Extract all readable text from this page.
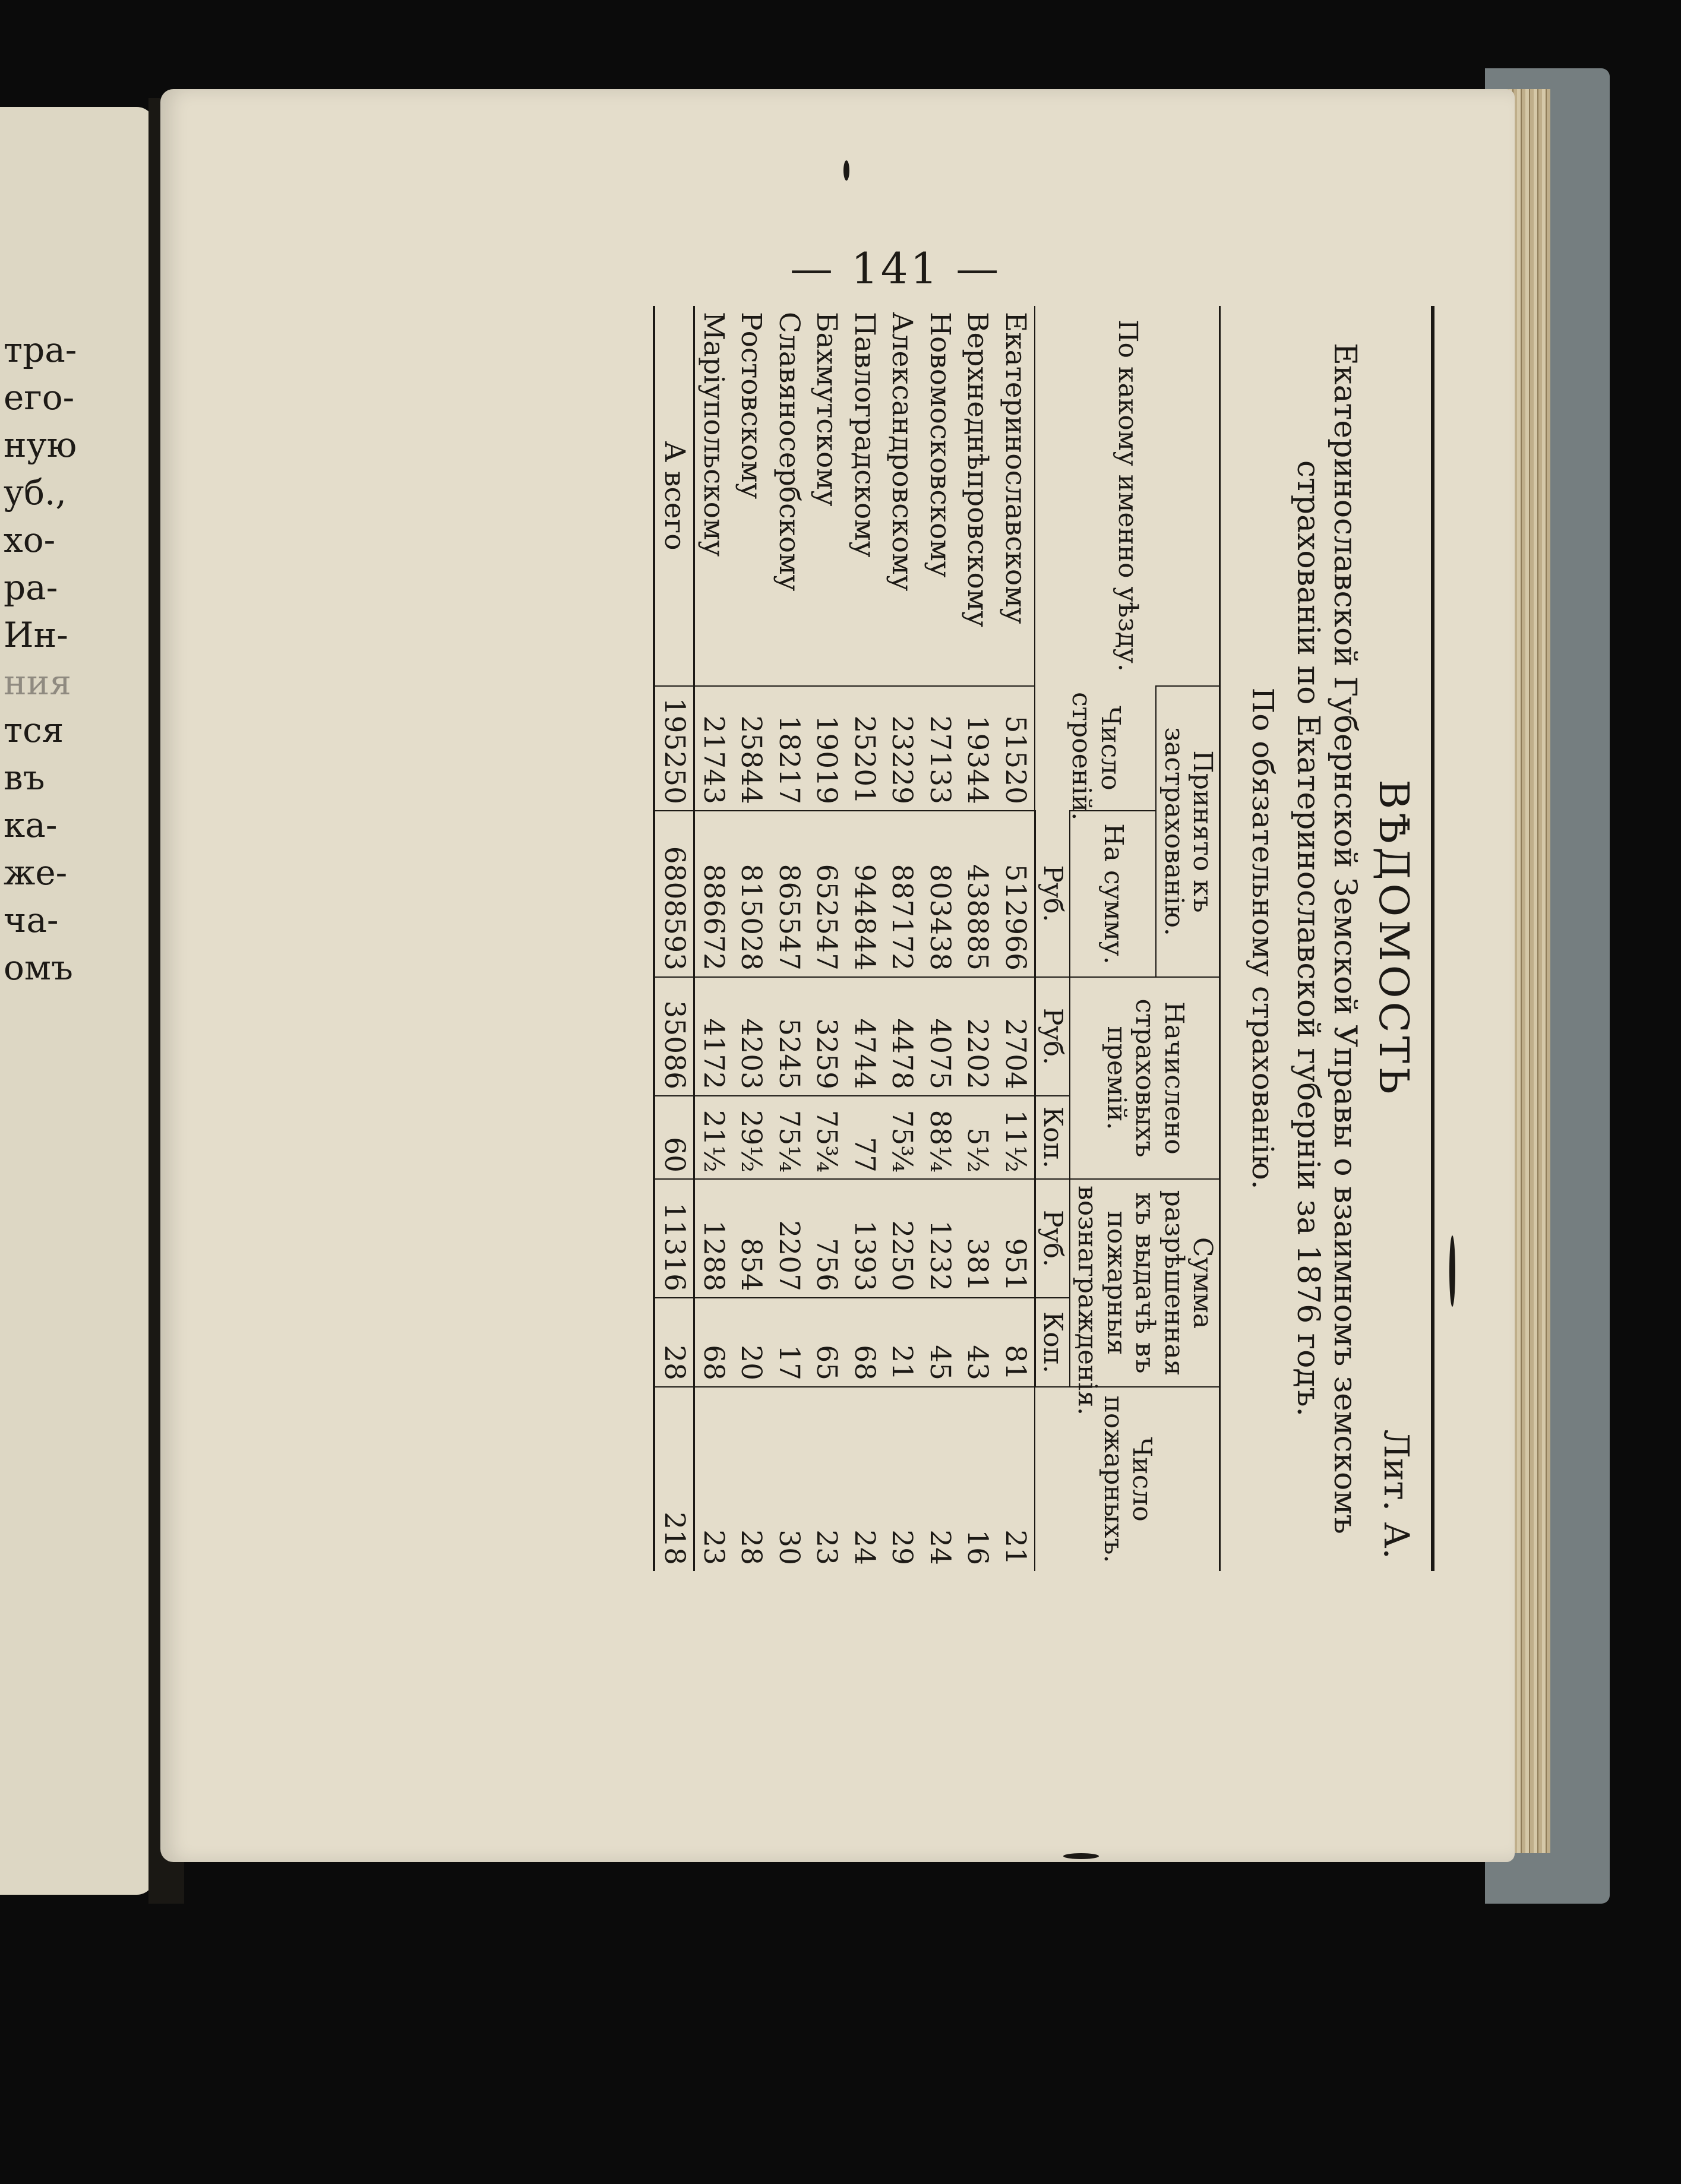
тра-
его-
ную
уб.,
хо-
ра-
Ин-
ния
тся
въ
ка-
же-
ча-
омъ
— 141 —
Лит. А.
ВѢДОМОСТЬ
Екатеринославской Губернской Земской Управы о взаимномъ земскомъ страхованіи по Екатеринославской губерніи за 1876 годъ.
По обязательному страхованію.
По какому именно уѣзду.	Принято къ застрахованію.		Начислено страховыхъ премій.		Сумма разрѣшенная къ выдачѣ въ пожарныя вознагражденія.		Число пожарныхъ.
	Число строеній.	На сумму.					
		Руб.	Руб.	Коп.	Руб.	Коп.	
Екатеринославскому	51520	512966	2704	11½	951	81	21
Верхнеднѣпровскому	19344	438885	2202	5½	381	43	16
Новомосковскому	27133	803438	4075	88¼	1232	45	24
Александровскому	23229	887172	4478	75¾	2250	21	29
Павлоградскому	25201	944844	4744	77	1393	68	24
Бахмутскому	19019	652547	3259	75¾	756	65	23
Славяносербскому	18217	865547	5245	75¼	2207	17	30
Ростовскому	25844	815028	4203	29½	854	20	28
Маріупольскому	21743	886672	4172	21½	1288	68	23
А всего	195250	6808593	35086	60	11316	28	218
